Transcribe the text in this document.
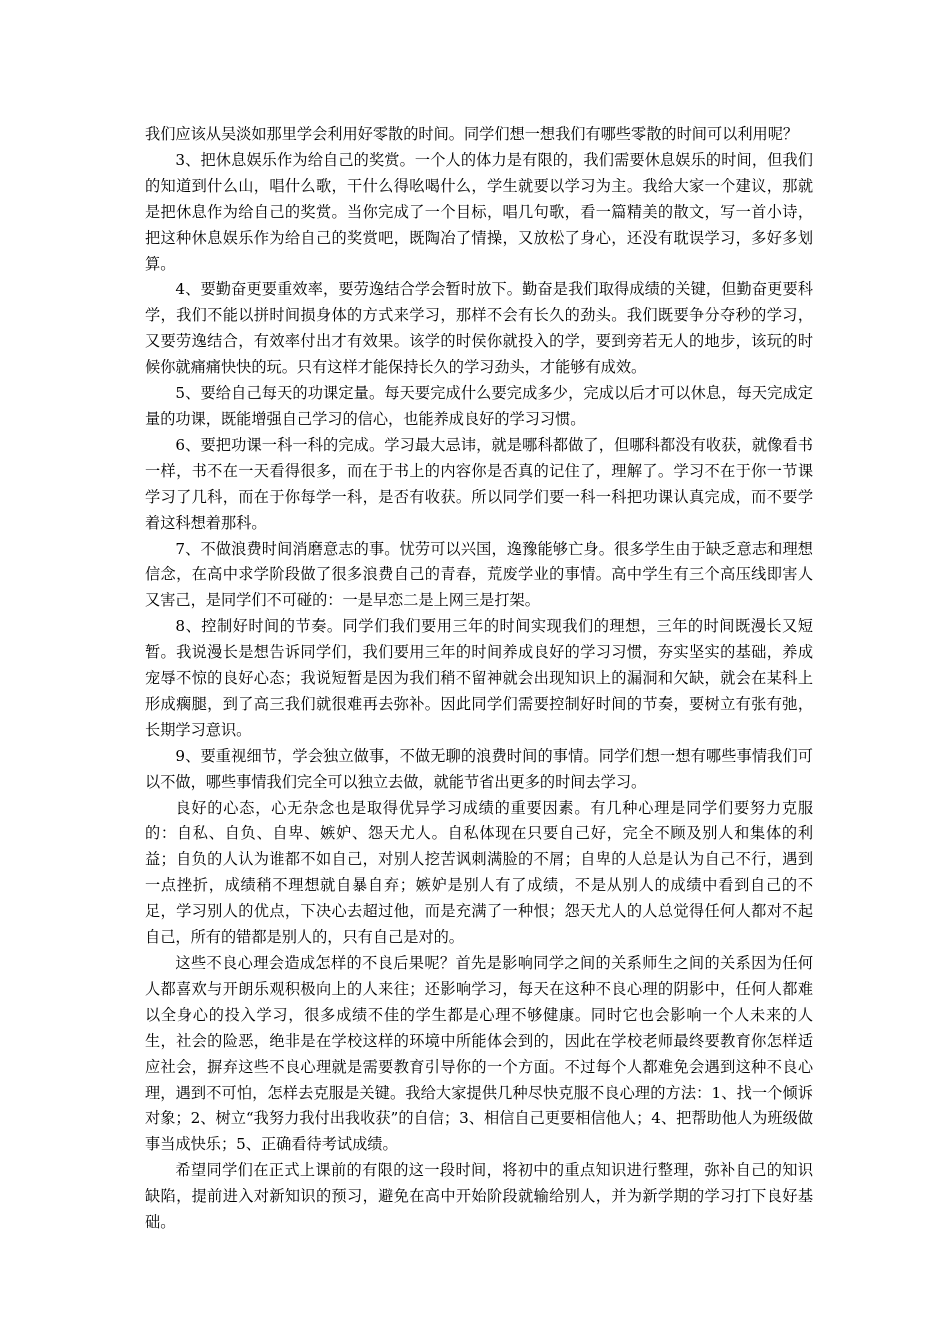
我们应该从吴淡如那里学会利用好零散的时间。同学们想一想我们有哪些零散的时间可以利用呢？

3、把休息娱乐作为给自己的奖赏。一个人的体力是有限的，我们需要休息娱乐的时间，但我们的知道到什么山，唱什么歌，干什么得吆喝什么，学生就要以学习为主。我给大家一个建议，那就是把休息作为给自己的奖赏。当你完成了一个目标，唱几句歌，看一篇精美的散文，写一首小诗，把这种休息娱乐作为给自己的奖赏吧，既陶冶了情操，又放松了身心，还没有耽误学习，多好多划算。

4、要勤奋更要重效率，要劳逸结合学会暂时放下。勤奋是我们取得成绩的关键，但勤奋更要科学，我们不能以拼时间损身体的方式来学习，那样不会有长久的劲头。我们既要争分夺秒的学习，又要劳逸结合，有效率付出才有效果。该学的时侯你就投入的学，要到旁若无人的地步，该玩的时候你就痛痛快快的玩。只有这样才能保持长久的学习劲头，才能够有成效。

5、要给自己每天的功课定量。每天要完成什么要完成多少，完成以后才可以休息，每天完成定量的功课，既能增强自己学习的信心，也能养成良好的学习习惯。

6、要把功课一科一科的完成。学习最大忌讳，就是哪科都做了，但哪科都没有收获，就像看书一样，书不在一天看得很多，而在于书上的内容你是否真的记住了，理解了。学习不在于你一节课学习了几科，而在于你每学一科，是否有收获。所以同学们要一科一科把功课认真完成，而不要学着这科想着那科。

7、不做浪费时间消磨意志的事。忧劳可以兴国，逸豫能够亡身。很多学生由于缺乏意志和理想信念，在高中求学阶段做了很多浪费自己的青春，荒废学业的事情。高中学生有三个高压线即害人又害己，是同学们不可碰的：一是早恋二是上网三是打架。

8、控制好时间的节奏。同学们我们要用三年的时间实现我们的理想，三年的时间既漫长又短暂。我说漫长是想告诉同学们，我们要用三年的时间养成良好的学习习惯，夯实坚实的基础，养成宠辱不惊的良好心态；我说短暂是因为我们稍不留神就会出现知识上的漏洞和欠缺，就会在某科上形成瘸腿，到了高三我们就很难再去弥补。因此同学们需要控制好时间的节奏，要树立有张有弛，长期学习意识。

9、要重视细节，学会独立做事，不做无聊的浪费时间的事情。同学们想一想有哪些事情我们可以不做，哪些事情我们完全可以独立去做，就能节省出更多的时间去学习。

良好的心态，心无杂念也是取得优异学习成绩的重要因素。有几种心理是同学们要努力克服的：自私、自负、自卑、嫉妒、怨天尤人。自私体现在只要自己好，完全不顾及别人和集体的利益；自负的人认为谁都不如自己，对别人挖苦讽刺满脸的不屑；自卑的人总是认为自己不行，遇到一点挫折，成绩稍不理想就自暴自弃；嫉妒是别人有了成绩，不是从别人的成绩中看到自己的不足，学习别人的优点，下决心去超过他，而是充满了一种恨；怨天尤人的人总觉得任何人都对不起自己，所有的错都是别人的，只有自己是对的。

这些不良心理会造成怎样的不良后果呢？首先是影响同学之间的关系师生之间的关系因为任何人都喜欢与开朗乐观积极向上的人来往；还影响学习，每天在这种不良心理的阴影中，任何人都难以全身心的投入学习，很多成绩不佳的学生都是心理不够健康。同时它也会影响一个人未来的人生，社会的险恶，绝非是在学校这样的环境中所能体会到的，因此在学校老师最终要教育你怎样适应社会，摒弃这些不良心理就是需要教育引导你的一个方面。不过每个人都难免会遇到这种不良心理，遇到不可怕，怎样去克服是关键。我给大家提供几种尽快克服不良心理的方法：1、找一个倾诉对象；2、树立“我努力我付出我收获”的自信；3、相信自己更要相信他人；4、把帮助他人为班级做事当成快乐；5、正确看待考试成绩。

希望同学们在正式上课前的有限的这一段时间，将初中的重点知识进行整理，弥补自己的知识缺陷，提前进入对新知识的预习，避免在高中开始阶段就输给别人，并为新学期的学习打下良好基础。
